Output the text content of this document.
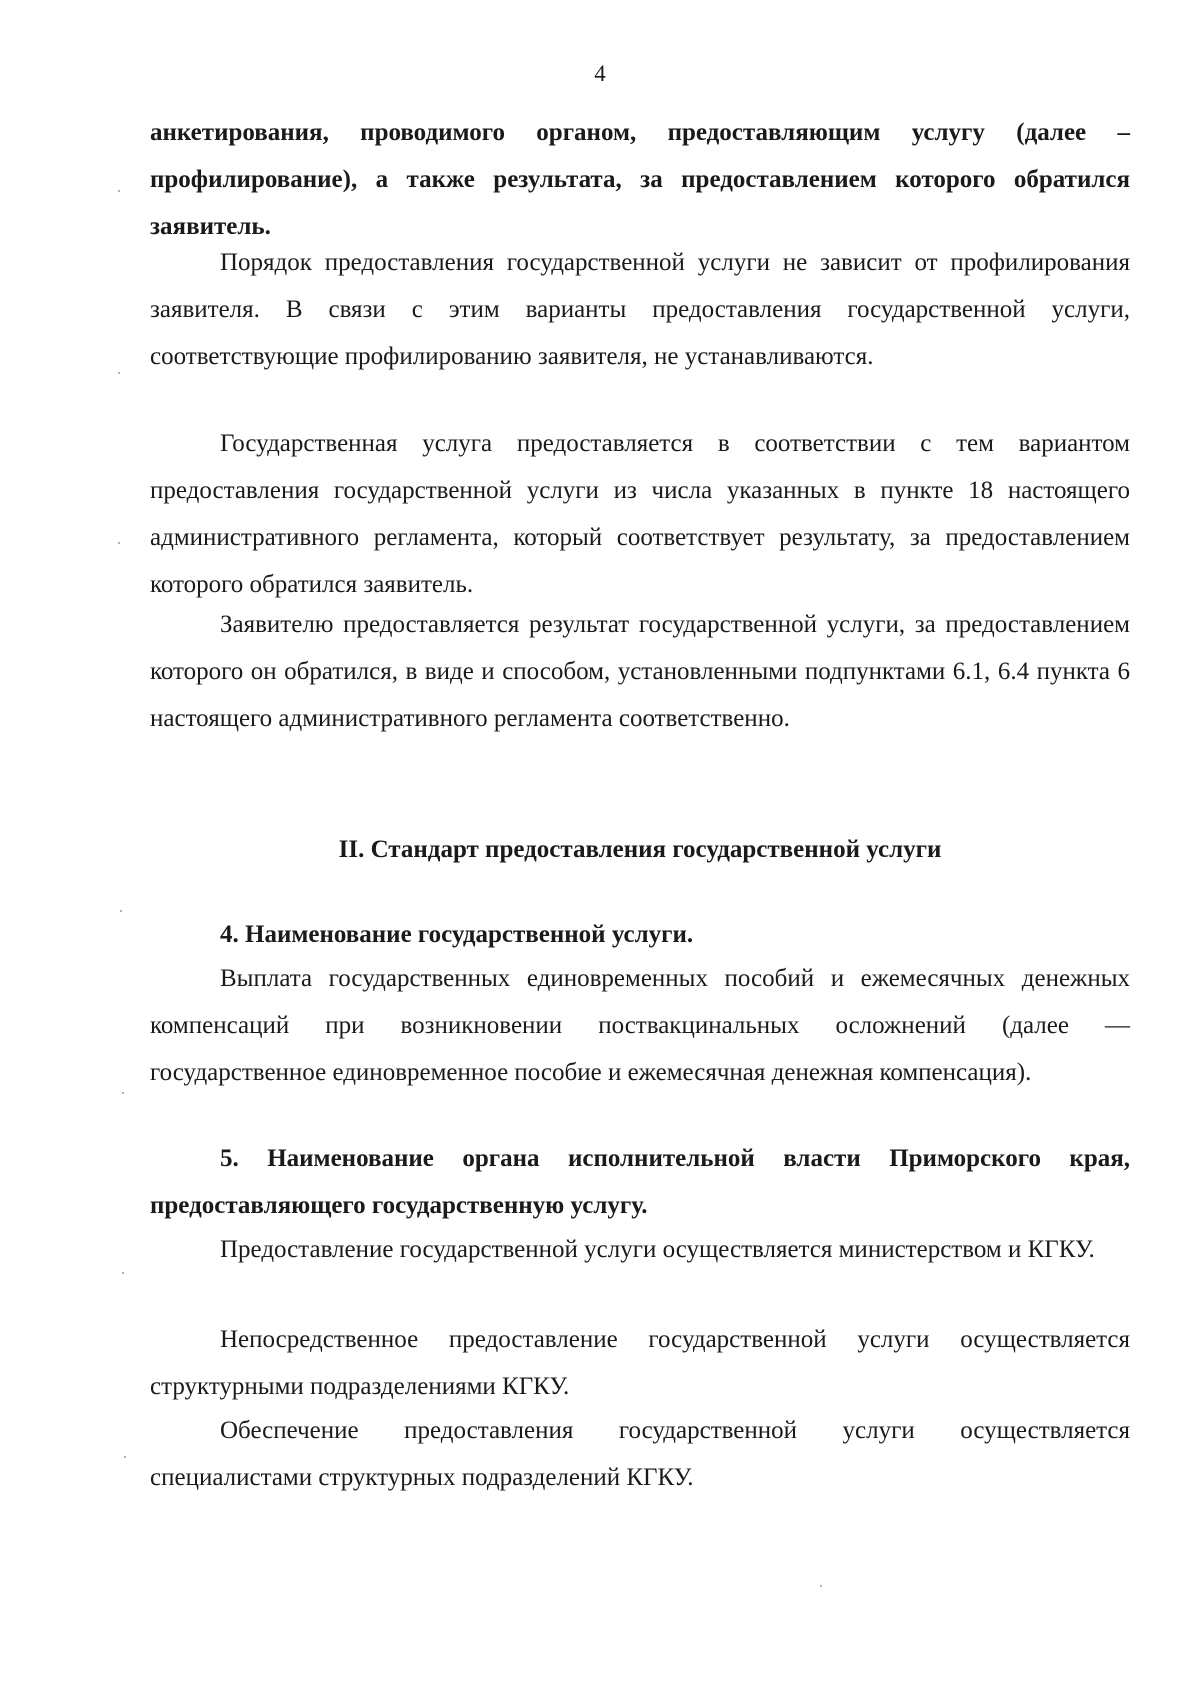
4

анкетирования, проводимого органом, предоставляющим услугу (далее – профилирование), а также результата, за предоставлением которого обратился заявитель.

Порядок предоставления государственной услуги не зависит от профилирования заявителя. В связи с этим варианты предоставления государственной услуги, соответствующие профилированию заявителя, не устанавливаются.

Государственная услуга предоставляется в соответствии с тем вариантом предоставления государственной услуги из числа указанных в пункте 18 настоящего административного регламента, который соответствует результату, за предоставлением которого обратился заявитель.

Заявителю предоставляется результат государственной услуги, за предоставлением которого он обратился, в виде и способом, установленными подпунктами 6.1, 6.4 пункта 6 настоящего административного регламента соответственно.

II. Стандарт предоставления государственной услуги

4. Наименование государственной услуги.

Выплата государственных единовременных пособий и ежемесячных денежных компенсаций при возникновении поствакцинальных осложнений (далее — государственное единовременное пособие и ежемесячная денежная компенсация).

5. Наименование органа исполнительной власти Приморского края, предоставляющего государственную услугу.

Предоставление государственной услуги осуществляется министерством и КГКУ.

Непосредственное предоставление государственной услуги осуществляется структурными подразделениями КГКУ.

Обеспечение предоставления государственной услуги осуществляется специалистами структурных подразделений КГКУ.
